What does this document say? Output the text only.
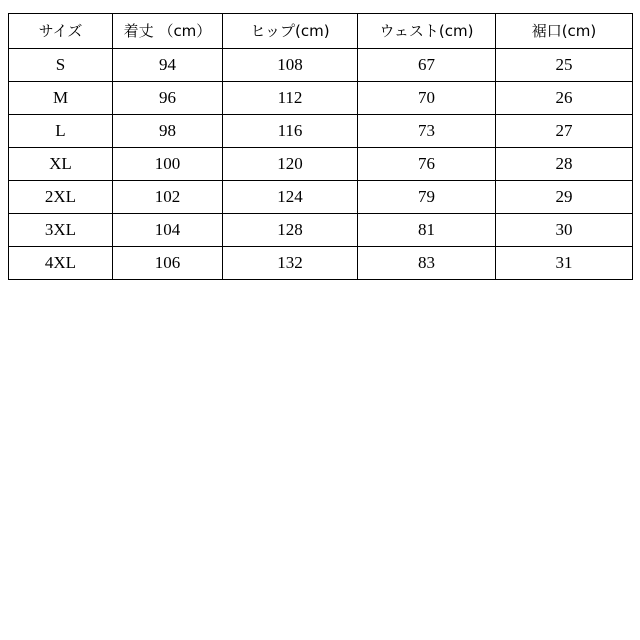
サイズ	着丈 （cm）	ヒップ(cm)	ウェスト(cm)	裾口(cm)
S	94	108	67	25
M	96	112	70	26
L	98	116	73	27
XL	100	120	76	28
2XL	102	124	79	29
3XL	104	128	81	30
4XL	106	132	83	31
